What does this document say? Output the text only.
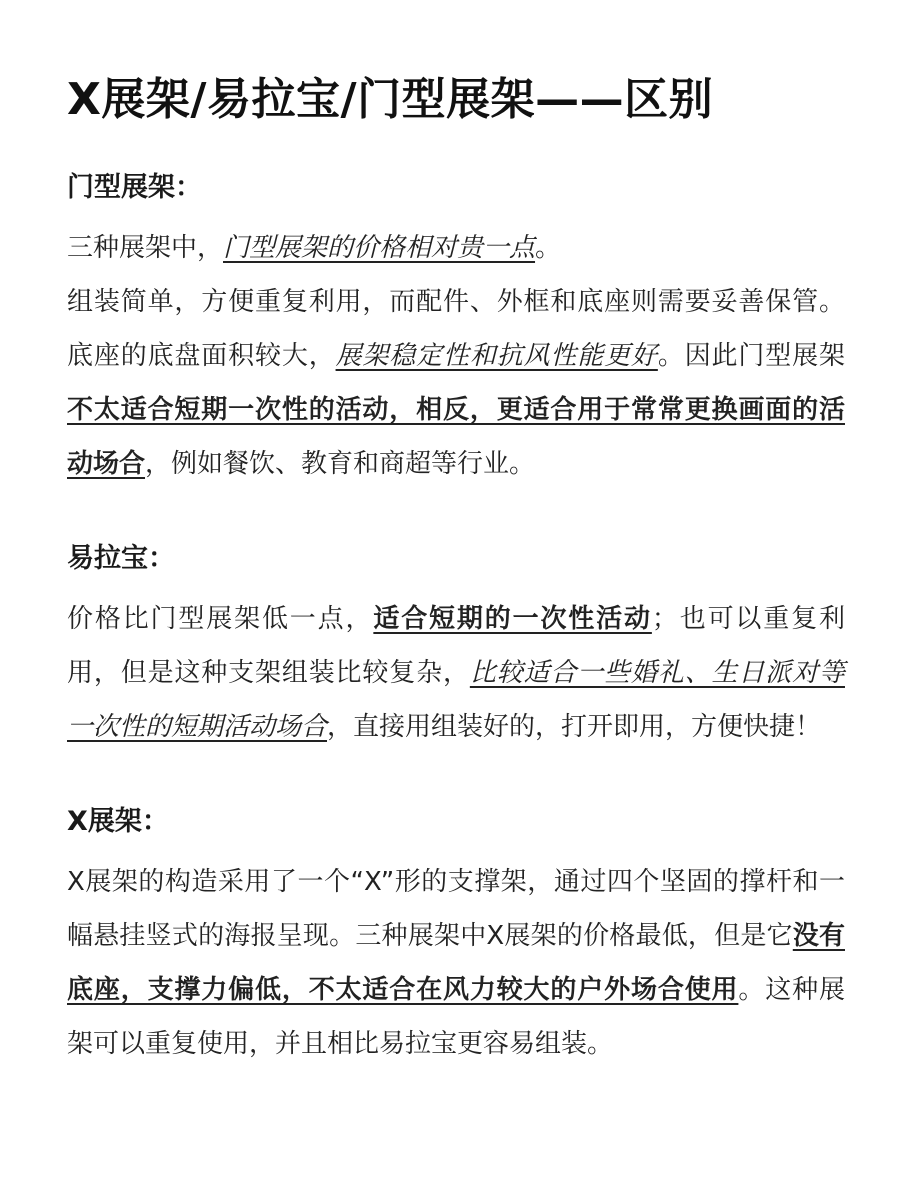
X展架/易拉宝/门型展架——区别
门型展架：

三种展架中，门型展架的价格相对贵一点。

组装简单，方便重复利用，而配件、外框和底座则需要妥善保管。底座的底盘面积较大，展架稳定性和抗风性能更好。因此门型展架不太适合短期一次性的活动，相反，更适合用于常常更换画面的活动场合，例如餐饮、教育和商超等行业。

易拉宝：

价格比门型展架低一点，适合短期的一次性活动；也可以重复利用，但是这种支架组装比较复杂，比较适合一些婚礼、生日派对等一次性的短期活动场合，直接用组装好的，打开即用，方便快捷！

X展架：

X展架的构造采用了一个“X”形的支撑架，通过四个坚固的撑杆和一幅悬挂竖式的海报呈现。三种展架中X展架的价格最低，但是它没有底座，支撑力偏低，不太适合在风力较大的户外场合使用。这种展架可以重复使用，并且相比易拉宝更容易组装。
